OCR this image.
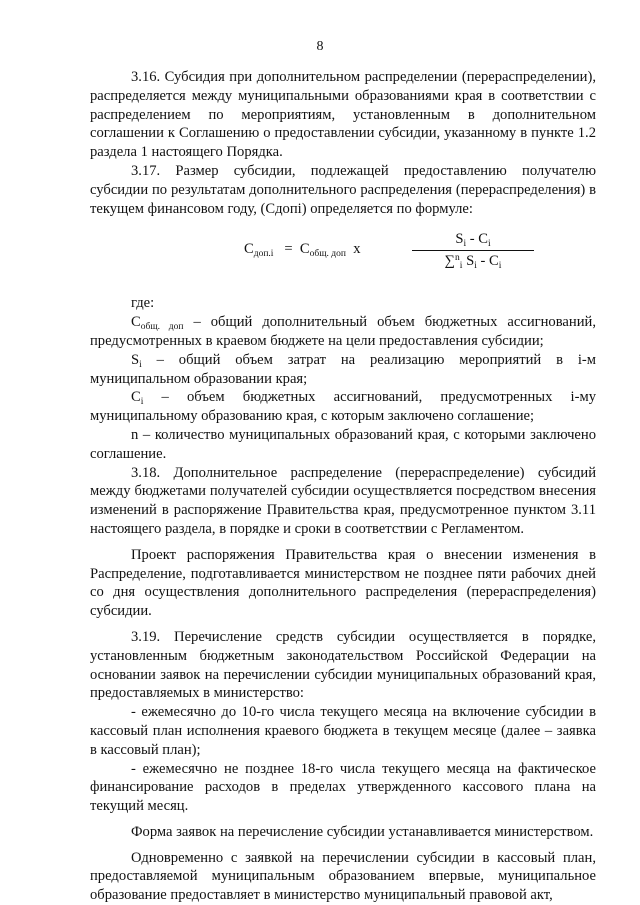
8

3.16. Субсидия при дополнительном распределении (перераспределении), распределяется между муниципальными образованиями края в соответствии с распределением по мероприятиям, установленным в дополнительном соглашении к Соглашению о предоставлении субсидии, указанному в пункте 1.2 раздела 1 настоящего Порядка.

3.17. Размер субсидии, подлежащей предоставлению получателю субсидии по результатам дополнительного распределения (перераспределения) в текущем финансовом году, (Сдопi) определяется по формуле:

$С_{доп.i} = С_{общ. доп}$ x	$\frac{S_i - C_i}{\sum^n_i S_i - C_i}$

где:

$С_{общ. доп}$ – общий дополнительный объем бюджетных ассигнований, предусмотренных в краевом бюджете на цели предоставления субсидии;

$S_i$ – общий объем затрат на реализацию мероприятий в i-м муниципальном образовании края;

$C_i$ – объем бюджетных ассигнований, предусмотренных i-му муниципальному образованию края, с которым заключено соглашение;

n – количество муниципальных образований края, с которыми заключено соглашение.

3.18. Дополнительное распределение (перераспределение) субсидий между бюджетами получателей субсидии осуществляется посредством внесения изменений в распоряжение Правительства края, предусмотренное пунктом 3.11 настоящего раздела, в порядке и сроки в соответствии с Регламентом.

Проект распоряжения Правительства края о внесении изменения в Распределение, подготавливается министерством не позднее пяти рабочих дней со дня осуществления дополнительного распределения (перераспределения) субсидии.

3.19. Перечисление средств субсидии осуществляется в порядке, установленным бюджетным законодательством Российской Федерации на основании заявок на перечислении субсидии муниципальных образований края, предоставляемых в министерство:

- ежемесячно до 10-го числа текущего месяца на включение субсидии в кассовый план исполнения краевого бюджета в текущем месяце (далее – заявка в кассовый план);

- ежемесячно не позднее 18-го числа текущего месяца на фактическое финансирование расходов в пределах утвержденного кассового плана на текущий месяц.

Форма заявок на перечисление субсидии устанавливается министерством.

Одновременно с заявкой на перечислении субсидии в кассовый план, предоставляемой муниципальным образованием впервые, муниципальное образование предоставляет в министерство муниципальный правовой акт,
